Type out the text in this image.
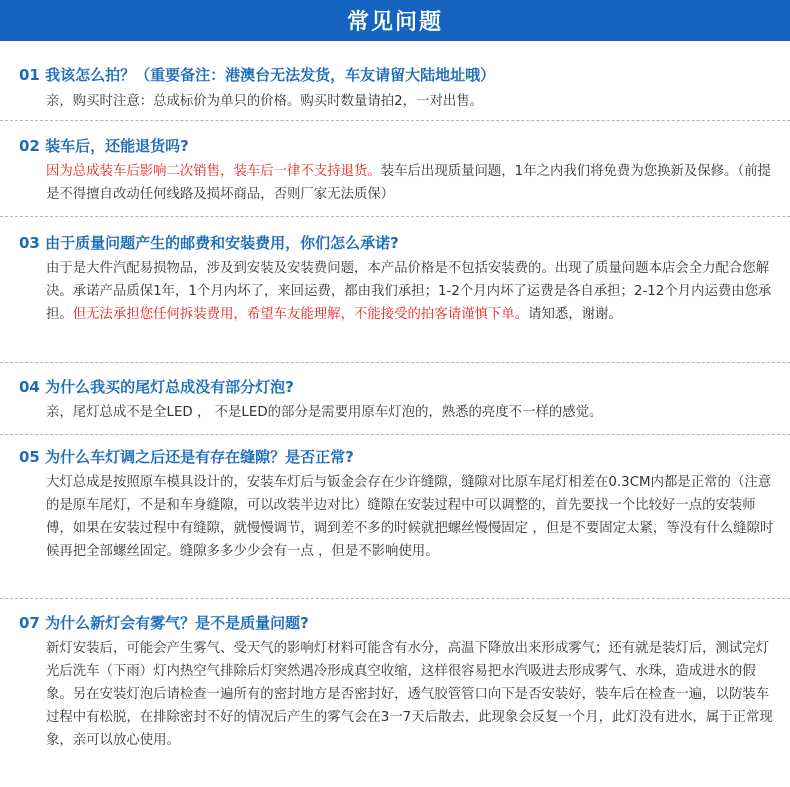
常见问题
01 我该怎么拍？（重要备注：港澳台无法发货，车友请留大陆地址哦）

亲，购买时注意：总成标价为单只的价格。购买时数量请拍2，一对出售。

02 装车后，还能退货吗?

因为总成装车后影响二次销售，装车后一律不支持退货。装车后出现质量问题，1年之内我们将免费为您换新及保修。（前提是不得擅自改动任何线路及损坏商品，否则厂家无法质保）

03 由于质量问题产生的邮费和安装费用，你们怎么承诺?

由于是大件汽配易损物品，涉及到安装及安装费问题，本产品价格是不包括安装费的。出现了质量问题本店会全力配合您解决。承诺产品质保1年，1个月内坏了，来回运费，都由我们承担；1-2个月内坏了运费是各自承担；2-12个月内运费由您承担。但无法承担您任何拆装费用，希望车友能理解，不能接受的拍客请谨慎下单。请知悉，谢谢。

04 为什么我买的尾灯总成没有部分灯泡?

亲，尾灯总成不是全LED ， 不是LED的部分是需要用原车灯泡的，熟悉的亮度不一样的感觉。

05 为什么车灯调之后还是有存在缝隙？是否正常?

大灯总成是按照原车模具设计的，安装车灯后与钣金会存在少许缝隙，缝隙对比原车尾灯相差在0.3CM内都是正常的（注意的是原车尾灯，不是和车身缝隙，可以改装半边对比）缝隙在安装过程中可以调整的，首先要找一个比较好一点的安装师傅，如果在安装过程中有缝隙，就慢慢调节，调到差不多的时候就把螺丝慢慢固定 ，但是不要固定太紧，等没有什么缝隙时候再把全部螺丝固定。缝隙多多少少会有一点 ，但是不影响使用。

07 为什么新灯会有雾气？是不是质量问题?

新灯安装后，可能会产生雾气、受天气的影响灯材料可能含有水分，高温下降放出来形成雾气；还有就是装灯后，测试完灯光后洗车（下雨）灯内热空气排除后灯突然遇冷形成真空收缩，这样很容易把水汽吸进去形成雾气、水珠，造成进水的假象。另在安装灯泡后请检查一遍所有的密封地方是否密封好，透气胶管管口向下是否安装好，装车后在检查一遍，以防装车过程中有松脱，在排除密封不好的情况后产生的雾气会在3一7天后散去，此现象会反复一个月，此灯没有进水，属于正常现象，亲可以放心使用。
